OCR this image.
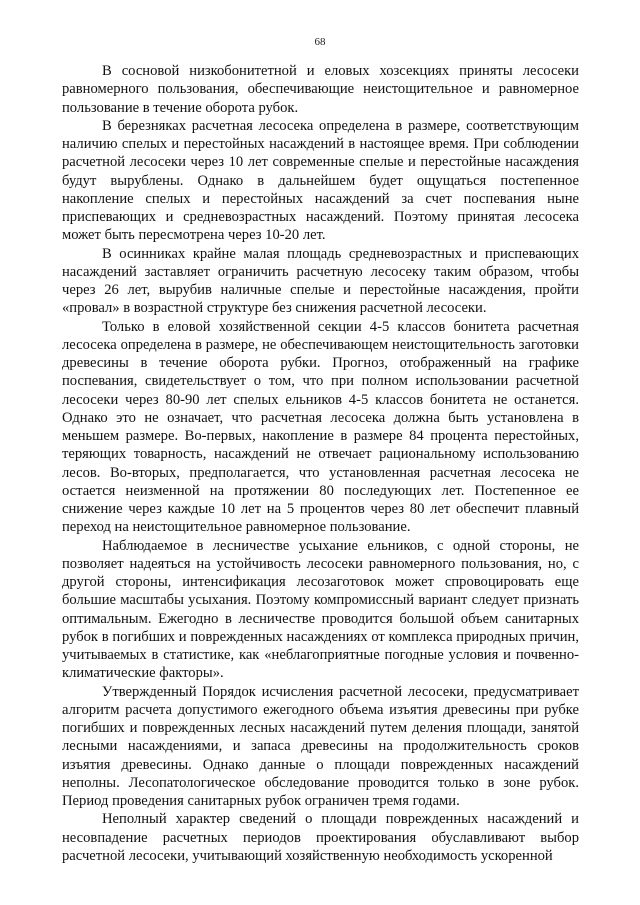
68

В сосновой низкобонитетной и еловых хозсекциях приняты лесосеки равномерного пользования, обеспечивающие неистощительное и равномерное пользование в течение оборота рубок.

В березняках расчетная лесосека определена в размере, соответствующим наличию спелых и перестойных насаждений в настоящее время. При соблюдении расчетной лесосеки через 10 лет современные спелые и перестойные насаждения будут вырублены. Однако в дальнейшем будет ощущаться постепенное накопление спелых и перестойных насаждений за счет поспевания ныне приспевающих и средневозрастных насаждений. Поэтому принятая лесосека может быть пересмотрена через 10-20 лет.

В осинниках крайне малая площадь средневозрастных и приспевающих насаждений заставляет ограничить расчетную лесосеку таким образом, чтобы через 26 лет, вырубив наличные спелые и перестойные насаждения, пройти «провал» в возрастной структуре без снижения расчетной лесосеки.

Только в еловой хозяйственной секции 4-5 классов бонитета расчетная лесосека определена в размере, не обеспечивающем неистощительность заготовки древесины в течение оборота рубки. Прогноз, отображенный на графике поспевания, свидетельствует о том, что при полном использовании расчетной лесосеки через 80-90 лет спелых ельников 4-5 классов бонитета не останется. Однако это не означает, что расчетная лесосека должна быть установлена в меньшем размере. Во-первых, накопление в размере 84 процента перестойных, теряющих товарность, насаждений не отвечает рациональному использованию лесов. Во-вторых, предполагается, что установленная расчетная лесосека не остается неизменной на протяжении 80 последующих лет. Постепенное ее снижение через каждые 10 лет на 5 процентов через 80 лет обеспечит плавный переход на неистощительное равномерное пользование.

Наблюдаемое в лесничестве усыхание ельников, с одной стороны, не позволяет надеяться на устойчивость лесосеки равномерного пользования, но, с другой стороны, интенсификация лесозаготовок может спровоцировать еще большие масштабы усыхания. Поэтому компромиссный вариант следует признать оптимальным. Ежегодно в лесничестве проводится большой объем санитарных рубок в погибших и поврежденных насаждениях от комплекса природных причин, учитываемых в статистике, как «неблагоприятные погодные условия и почвенно-климатические факторы».

Утвержденный Порядок исчисления расчетной лесосеки, предусматривает алгоритм расчета допустимого ежегодного объема изъятия древесины при рубке погибших и поврежденных лесных насаждений путем деления площади, занятой лесными насаждениями, и запаса древесины на продолжительность сроков изъятия древесины. Однако данные о площади поврежденных насаждений неполны. Лесопатологическое обследование проводится только в зоне рубок. Период проведения санитарных рубок ограничен тремя годами.

Неполный характер сведений о площади поврежденных насаждений и несовпадение расчетных периодов проектирования обуславливают выбор расчетной лесосеки, учитывающий хозяйственную необходимость ускоренной
